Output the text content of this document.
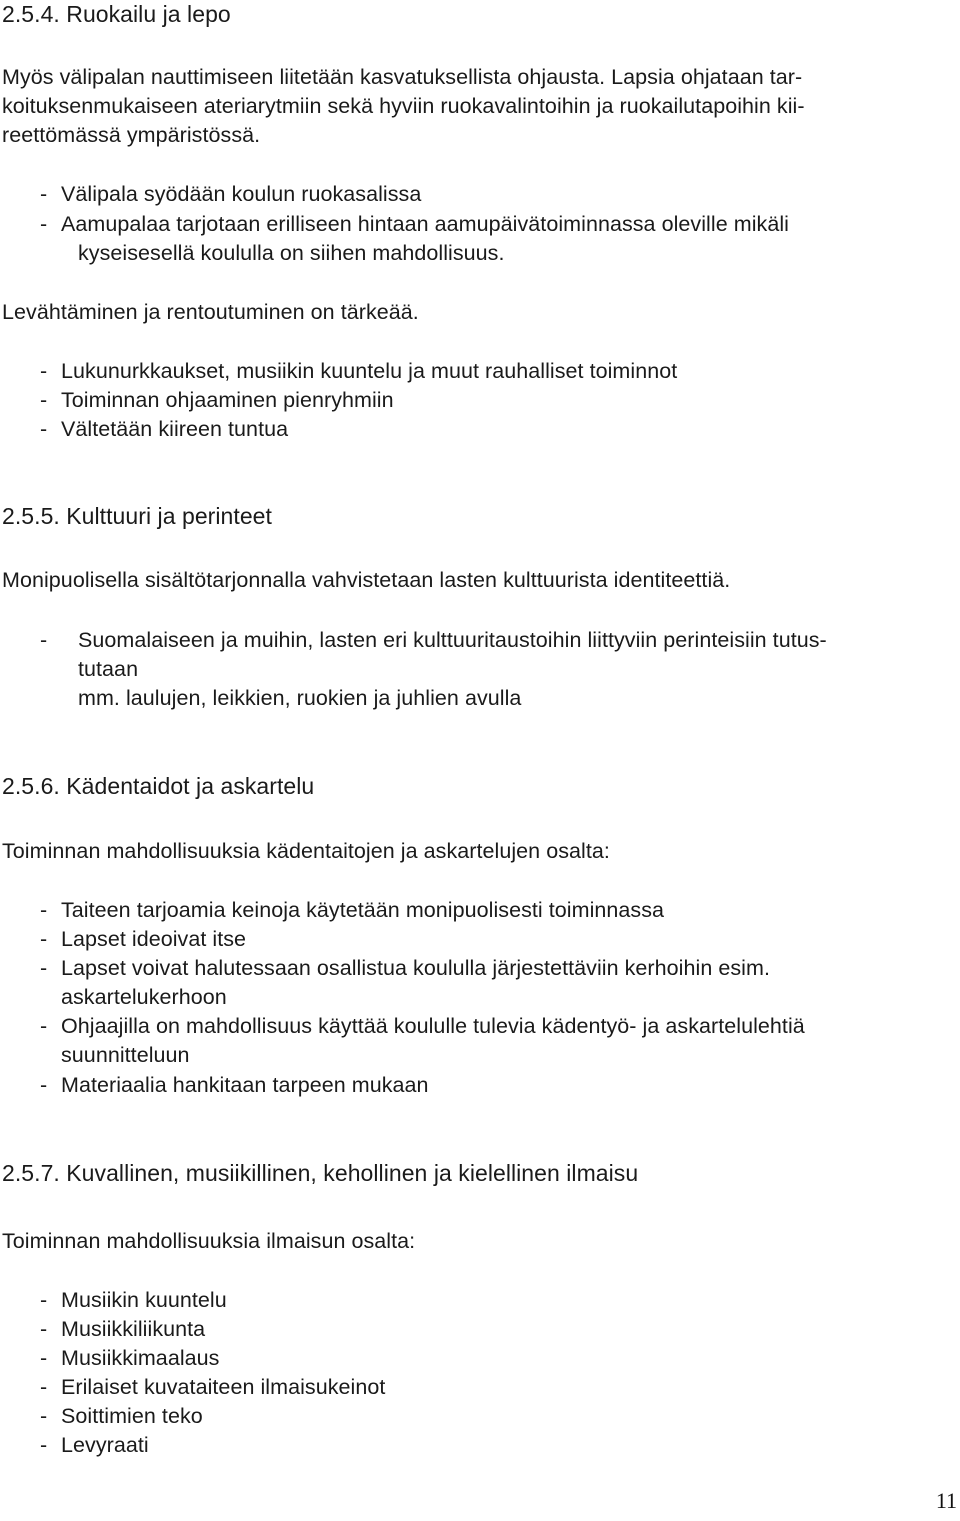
2.5.4. Ruokailu ja lepo
Myös välipalan nauttimiseen liitetään kasvatuksellista ohjausta. Lapsia ohjataan tar-
koituksenmukaiseen ateriarytmiin sekä hyviin ruokavalintoihin ja ruokailutapoihin kii-
reettömässä ympäristössä.
- Välipala syödään koulun ruokasalissa
- Aamupalaa tarjotaan erilliseen hintaan aamupäivätoiminnassa oleville mikäli
kyseisesellä koululla on siihen mahdollisuus.
Levähtäminen ja rentoutuminen on tärkeää.
- Lukunurkkaukset, musiikin kuuntelu ja muut rauhalliset toiminnot
- Toiminnan ohjaaminen pienryhmiin
- Vältetään kiireen tuntua
2.5.5. Kulttuuri ja perinteet
Monipuolisella sisältötarjonnalla vahvistetaan lasten kulttuurista identiteettiä.
- Suomalaiseen ja muihin, lasten eri kulttuuritaustoihin liittyviin perinteisiin tutus-
tutaan
mm. laulujen, leikkien, ruokien ja juhlien avulla
2.5.6. Kädentaidot ja askartelu
Toiminnan mahdollisuuksia kädentaitojen ja askartelujen osalta:
- Taiteen tarjoamia keinoja käytetään monipuolisesti toiminnassa
- Lapset ideoivat itse
- Lapset voivat halutessaan osallistua koululla järjestettäviin kerhoihin esim.
askartelukerhoon
- Ohjaajilla on mahdollisuus käyttää koululle tulevia kädentyö- ja askartelulehtiä
suunnitteluun
- Materiaalia hankitaan tarpeen mukaan
2.5.7. Kuvallinen, musiikillinen, kehollinen ja kielellinen ilmaisu
Toiminnan mahdollisuuksia ilmaisun osalta:
- Musiikin kuuntelu
- Musiikkiliikunta
- Musiikkimaalaus
- Erilaiset kuvataiteen ilmaisukeinot
- Soittimien teko
- Levyraati
11
